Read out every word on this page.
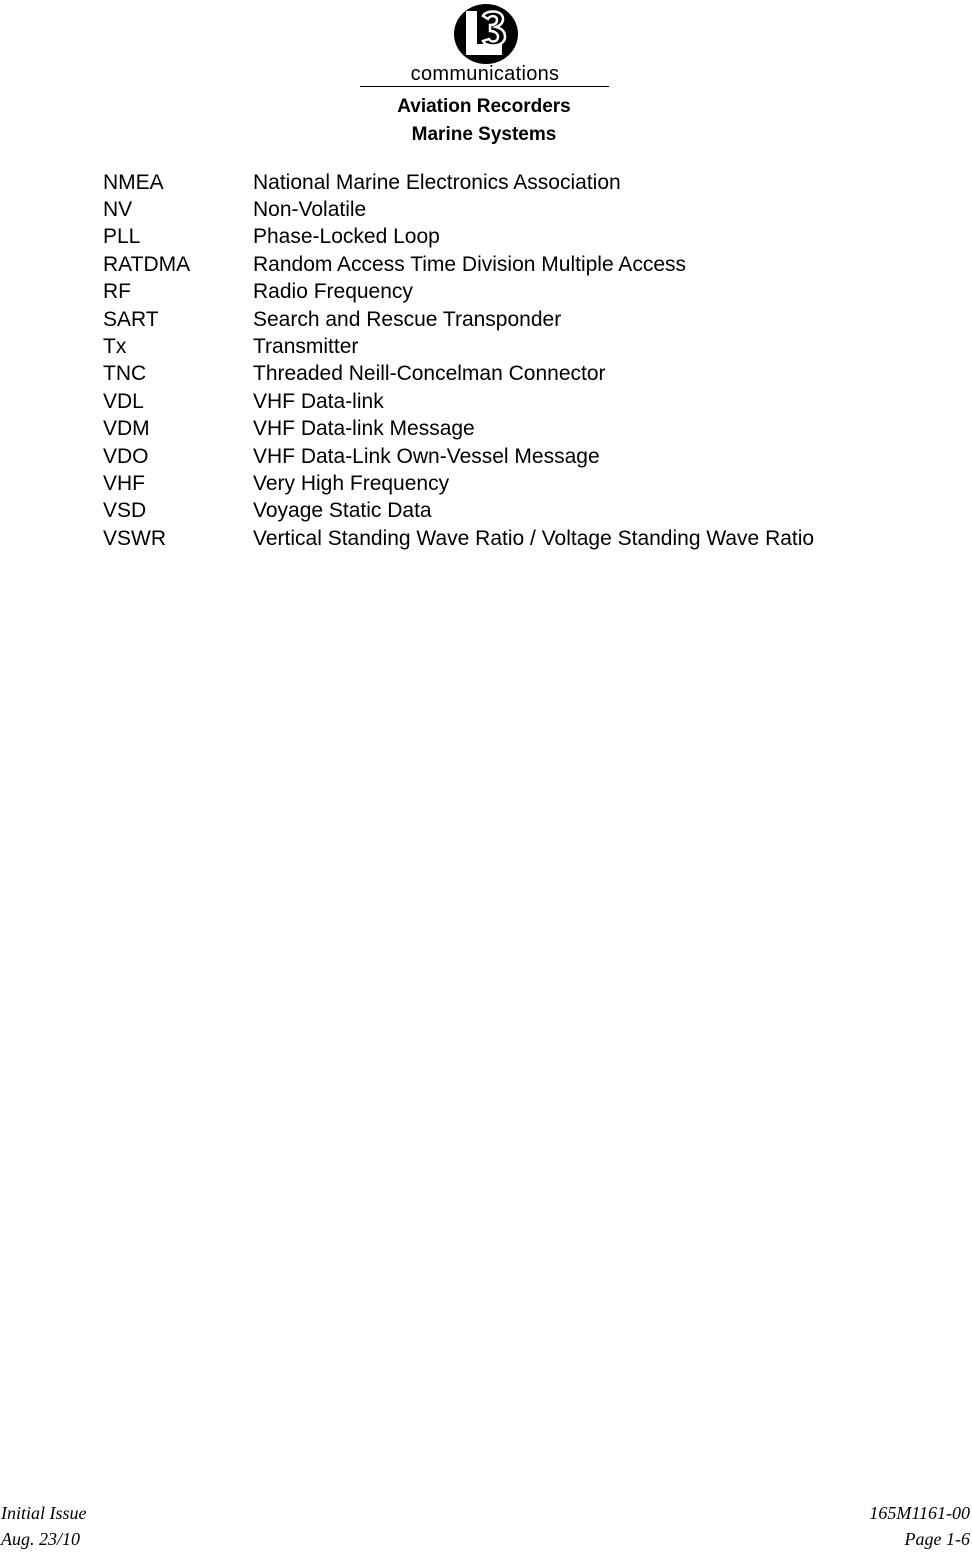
communications
Aviation Recorders
Marine Systems
NMEA	National Marine Electronics Association
NV	Non-Volatile
PLL	Phase-Locked Loop
RATDMA	Random Access Time Division Multiple Access
RF	Radio Frequency
SART	Search and Rescue Transponder
Tx	Transmitter
TNC	Threaded Neill-Concelman Connector
VDL	VHF Data-link
VDM	VHF Data-link Message
VDO	VHF Data-Link Own-Vessel Message
VHF	Very High Frequency
VSD	Voyage Static Data
VSWR	Vertical Standing Wave Ratio / Voltage Standing Wave Ratio
Initial Issue
Aug. 23/10
165M1161-00
Page 1-6
